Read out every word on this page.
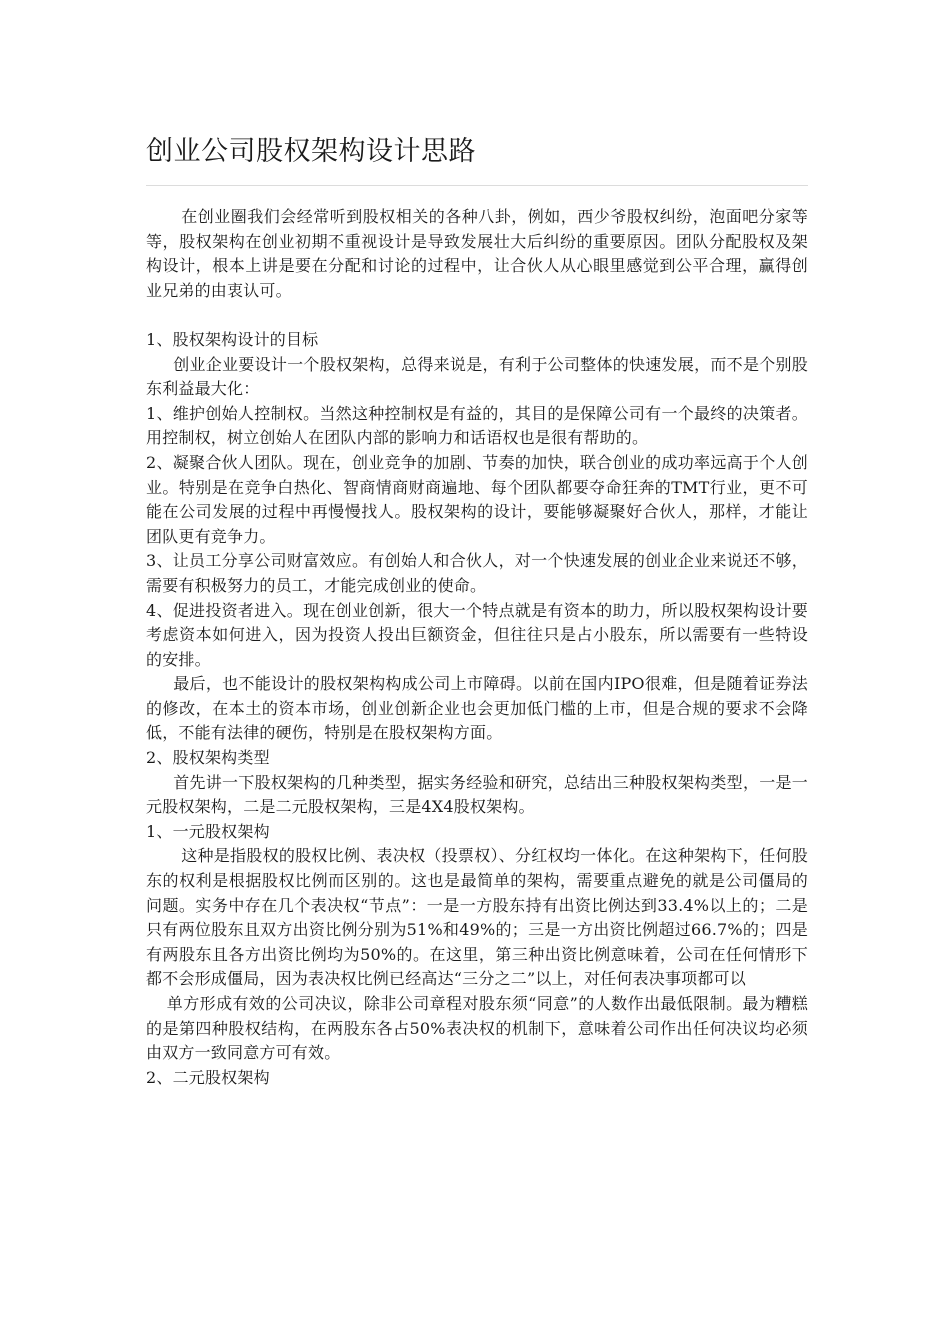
创业公司股权架构设计思路

在创业圈我们会经常听到股权相关的各种八卦，例如，西少爷股权纠纷，泡面吧分家等等，股权架构在创业初期不重视设计是导致发展壮大后纠纷的重要原因。团队分配股权及架构设计，根本上讲是要在分配和讨论的过程中，让合伙人从心眼里感觉到公平合理，赢得创业兄弟的由衷认可。

1、股权架构设计的目标

创业企业要设计一个股权架构，总得来说是，有利于公司整体的快速发展，而不是个别股东利益最大化：

1、维护创始人控制权。当然这种控制权是有益的，其目的是保障公司有一个最终的决策者。用控制权，树立创始人在团队内部的影响力和话语权也是很有帮助的。

2、凝聚合伙人团队。现在，创业竞争的加剧、节奏的加快，联合创业的成功率远高于个人创业。特别是在竞争白热化、智商情商财商遍地、每个团队都要夺命狂奔的TMT行业，更不可能在公司发展的过程中再慢慢找人。股权架构的设计，要能够凝聚好合伙人，那样，才能让团队更有竞争力。

3、让员工分享公司财富效应。有创始人和合伙人，对一个快速发展的创业企业来说还不够，需要有积极努力的员工，才能完成创业的使命。

4、促进投资者进入。现在创业创新，很大一个特点就是有资本的助力，所以股权架构设计要考虑资本如何进入，因为投资人投出巨额资金，但往往只是占小股东，所以需要有一些特设的安排。

最后，也不能设计的股权架构构成公司上市障碍。以前在国内IPO很难，但是随着证券法的修改，在本土的资本市场，创业创新企业也会更加低门槛的上市，但是合规的要求不会降低，不能有法律的硬伤，特别是在股权架构方面。

2、股权架构类型

首先讲一下股权架构的几种类型，据实务经验和研究，总结出三种股权架构类型，一是一元股权架构，二是二元股权架构，三是4X4股权架构。

1、一元股权架构

这种是指股权的股权比例、表决权（投票权）、分红权均一体化。在这种架构下，任何股东的权利是根据股权比例而区别的。这也是最简单的架构，需要重点避免的就是公司僵局的问题。实务中存在几个表决权“节点”：一是一方股东持有出资比例达到33.4%以上的；二是只有两位股东且双方出资比例分别为51%和49%的；三是一方出资比例超过66.7%的；四是有两股东且各方出资比例均为50%的。在这里，第三种出资比例意味着，公司在任何情形下都不会形成僵局，因为表决权比例已经高达“三分之二”以上，对任何表决事项都可以

单方形成有效的公司决议，除非公司章程对股东须“同意”的人数作出最低限制。最为糟糕的是第四种股权结构，在两股东各占50%表决权的机制下，意味着公司作出任何决议均必须由双方一致同意方可有效。

2、二元股权架构
